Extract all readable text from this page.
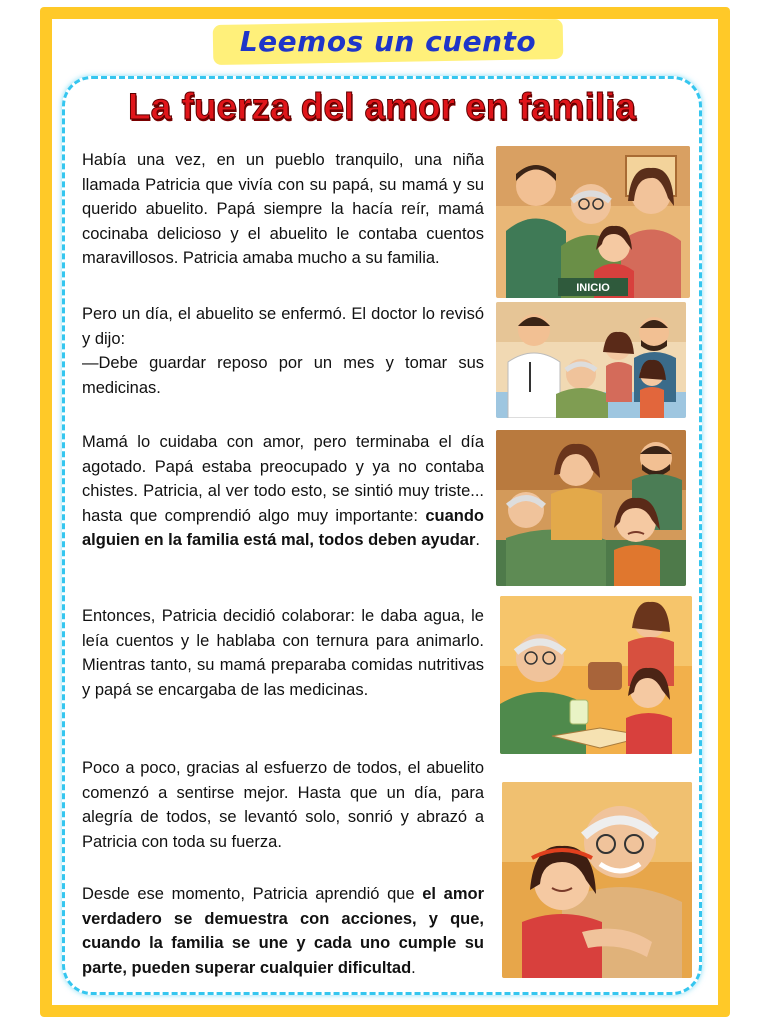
Leemos un cuento
La fuerza del amor en familia

Había una vez, en un pueblo tranquilo, una niña llamada Patricia que vivía con su papá, su mamá y su querido abuelito. Papá siempre la hacía reír, mamá cocinaba delicioso y el abuelito le contaba cuentos maravillosos. Patricia amaba mucho a su familia.

Pero un día, el abuelito se enfermó. El doctor lo revisó y dijo:
—Debe guardar reposo por un mes y tomar sus medicinas.

Mamá lo cuidaba con amor, pero terminaba el día agotado. Papá estaba preocupado y ya no contaba chistes. Patricia, al ver todo esto, se sintió muy triste... hasta que comprendió algo muy importante: cuando alguien en la familia está mal, todos deben ayudar.

Entonces, Patricia decidió colaborar: le daba agua, le leía cuentos y le hablaba con ternura para animarlo. Mientras tanto, su mamá preparaba comidas nutritivas y papá se encargaba de las medicinas.

Poco a poco, gracias al esfuerzo de todos, el abuelito comenzó a sentirse mejor. Hasta que un día, para alegría de todos, se levantó solo, sonrió y abrazó a Patricia con toda su fuerza.

Desde ese momento, Patricia aprendió que el amor verdadero se demuestra con acciones, y que, cuando la familia se une y cada uno cumple su parte, pueden superar cualquier dificultad.

INICIO
